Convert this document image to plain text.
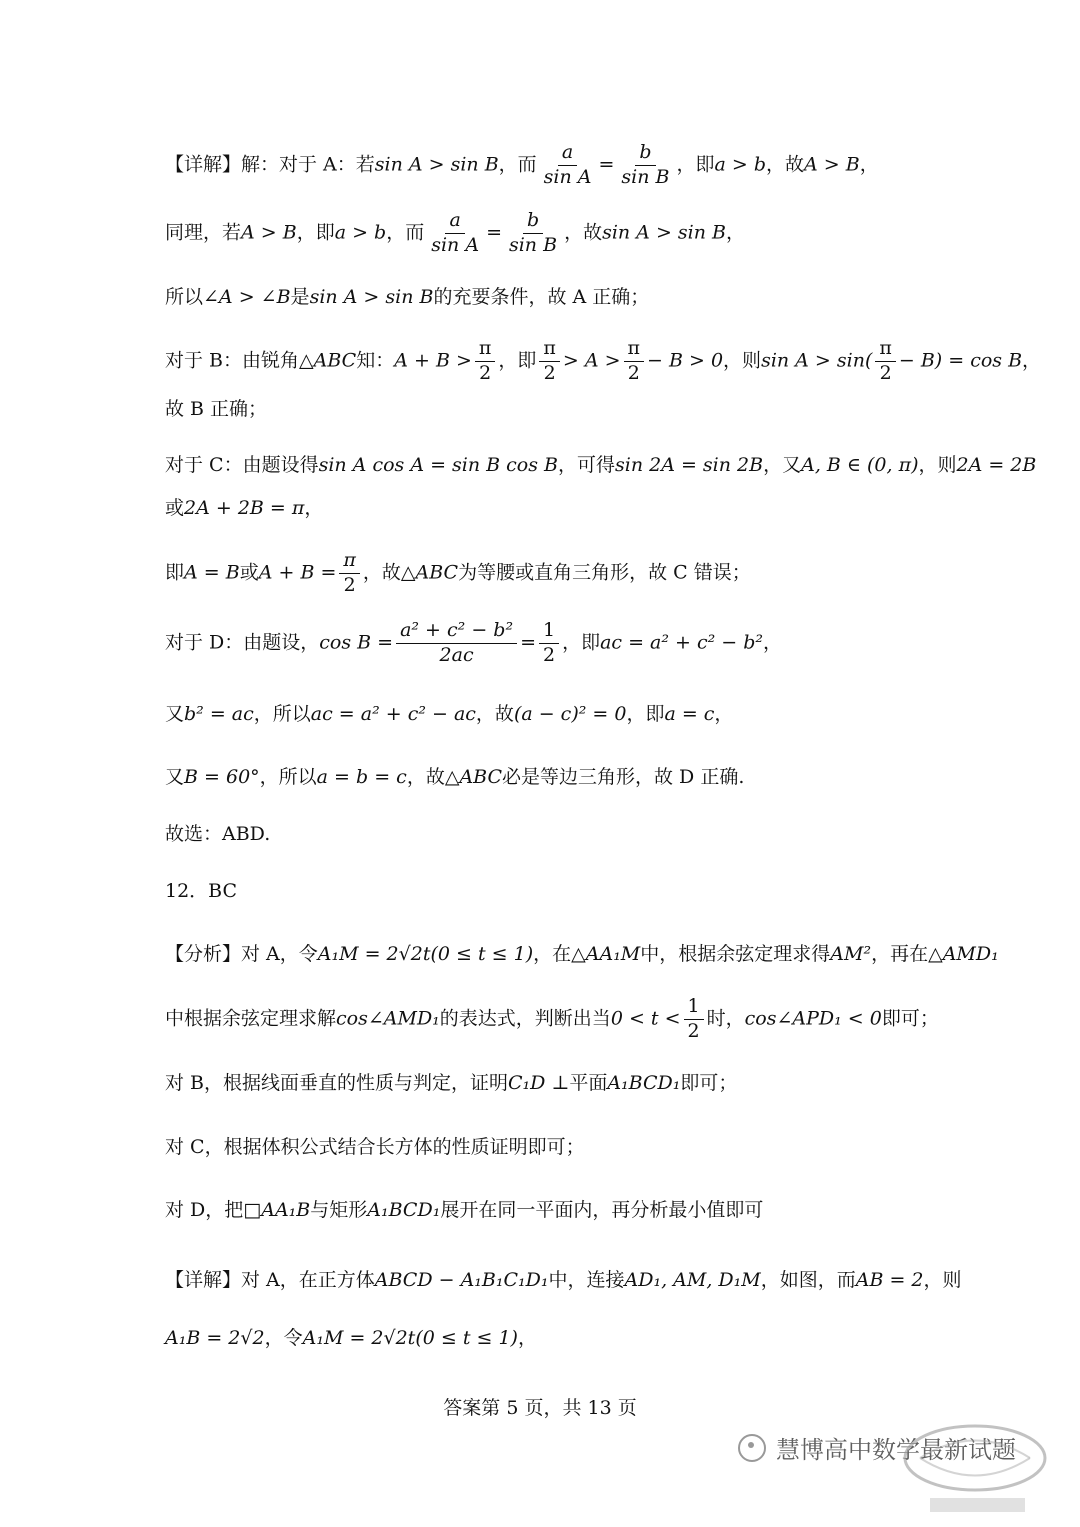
【详解】解：对于 A：若sin A > sin B，而 $\frac{a}{\text{sin A}} = \frac{b}{\text{sin B}}$ ，即a > b，故A > B，
同理，若A > B，即a > b，而 $\frac{a}{\text{sin A}} = \frac{b}{\text{sin B}}$ ，故sin A > sin B，
所以∠A > ∠B是sin A > sin B的充要条件，故 A 正确；
对于 B：由锐角△ABC知：$A + B > \frac{\pi}{2}$ ，即 $\frac{\pi}{2} > A > \frac{\pi}{2} - B > 0$，则$\sin A > \sin( \frac{\pi}{2} - B) = \cos B$，
故 B 正确；
对于 C：由题设得sin A cos A = sin B cos B，可得sin 2A = sin 2B，又A, B ∈ (0, π)，则2A = 2B
或2A + 2B = π，
即A = B或$A + B = \frac{\pi}{2}$ ，故△ABC为等腰或直角三角形，故 C 错误；
对于 D：由题设，$\cos B = \frac{\text{a² + c² − b²}}{2ac} = \frac{1}{2}$ ，即ac = a² + c² − b²，
又b² = ac，所以ac = a² + c² − ac，故(a − c)² = 0，即a = c，
又B = 60°，所以a = b = c，故△ABC必是等边三角形，故 D 正确.
故选：ABD.
12．BC
【分析】对 A，令A₁M = 2√2t(0 ≤ t ≤ 1)，在△AA₁M中，根据余弦定理求得AM²，再在△AMD₁
中根据余弦定理求解cos∠AMD₁的表达式，判断出当$0 < t < \frac{1}{2}$ 时，cos∠APD₁ < 0即可；
对 B，根据线面垂直的性质与判定，证明C₁D ⊥平面A₁BCD₁即可；
对 C，根据体积公式结合长方体的性质证明即可；
对 D，把□AA₁B与矩形A₁BCD₁展开在同一平面内，再分析最小值即可
【详解】对 A，在正方体ABCD − A₁B₁C₁D₁中，连接AD₁, AM, D₁M，如图，而AB = 2，则
A₁B = 2√2，令A₁M = 2√2t(0 ≤ t ≤ 1)，
答案第 5 页，共 13 页
慧博高中数学最新试题
